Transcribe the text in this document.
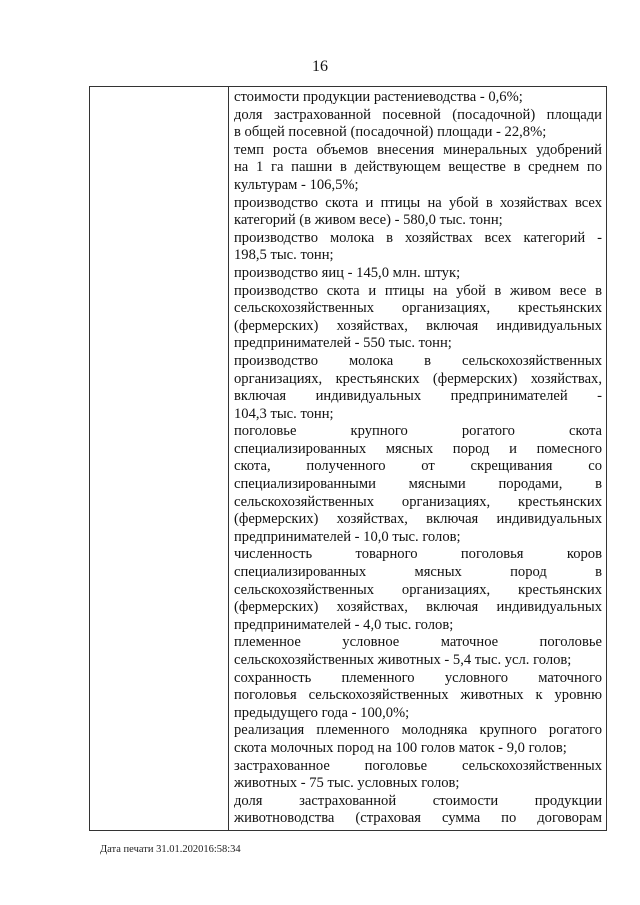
16

стоимости продукции растениеводства - 0,6%;
доля застрахованной посевной (посадочной) площади
в общей посевной (посадочной) площади - 22,8%;
темп роста объемов внесения минеральных удобрений
на 1 га пашни в действующем веществе в среднем по
культурам - 106,5%;
производство скота и птицы на убой в хозяйствах всех
категорий (в живом весе) - 580,0 тыс. тонн;
производство молока в хозяйствах всех категорий -
198,5 тыс. тонн;
производство яиц - 145,0 млн. штук;
производство скота и птицы на убой в живом весе в
сельскохозяйственных организациях, крестьянских
(фермерских) хозяйствах, включая индивидуальных
предпринимателей - 550 тыс. тонн;
производство молока в сельскохозяйственных
организациях, крестьянских (фермерских) хозяйствах,
включая индивидуальных предпринимателей -
104,3 тыс. тонн;
поголовье крупного рогатого скота
специализированных мясных пород и помесного
скота, полученного от скрещивания со
специализированными мясными породами, в
сельскохозяйственных организациях, крестьянских
(фермерских) хозяйствах, включая индивидуальных
предпринимателей - 10,0 тыс. голов;
численность товарного поголовья коров
специализированных мясных пород в
сельскохозяйственных организациях, крестьянских
(фермерских) хозяйствах, включая индивидуальных
предпринимателей - 4,0 тыс. голов;
племенное условное маточное поголовье
сельскохозяйственных животных - 5,4 тыс. усл. голов;
сохранность племенного условного маточного
поголовья сельскохозяйственных животных к уровню
предыдущего года - 100,0%;
реализация племенного молодняка крупного рогатого
скота молочных пород на 100 голов маток - 9,0 голов;
застрахованное поголовье сельскохозяйственных
животных - 75 тыс. условных голов;
доля застрахованной стоимости продукции
животноводства (страховая сумма по договорам
Дата печати 31.01.202016:58:34
